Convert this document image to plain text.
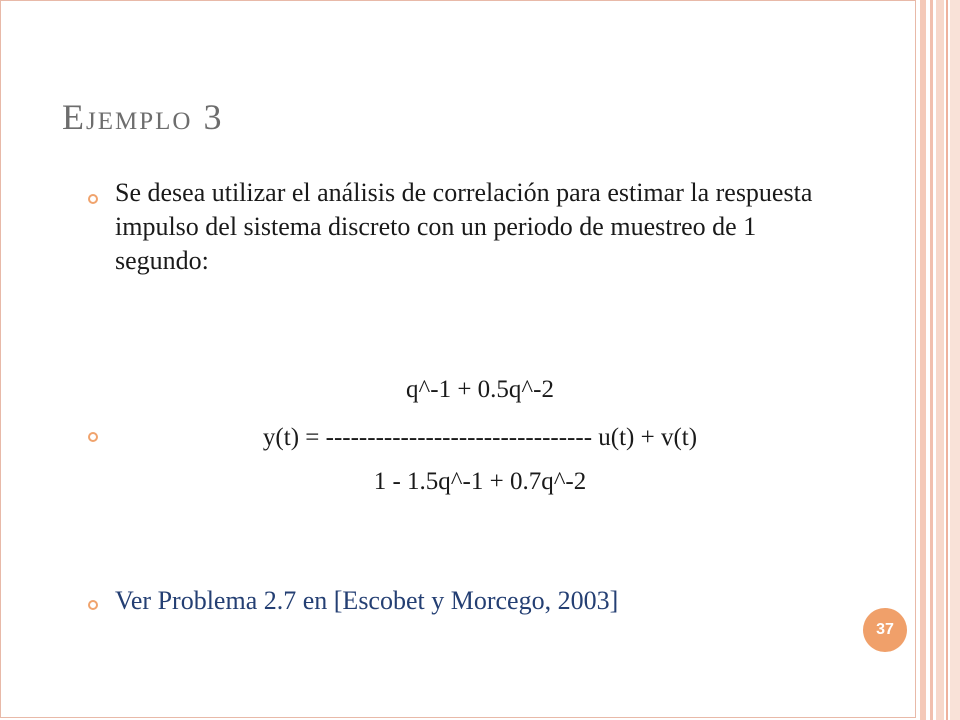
Ejemplo 3

Se desea utilizar el análisis de correlación para estimar la respuesta impulso del sistema discreto con un periodo de muestreo de 1 segundo:

q^-1 + 0.5q^-2
y(t) = -------------------------------- u(t) + v(t)
1 - 1.5q^-1 + 0.7q^-2

Ver Problema 2.7 en [Escobet y Morcego, 2003]

37
